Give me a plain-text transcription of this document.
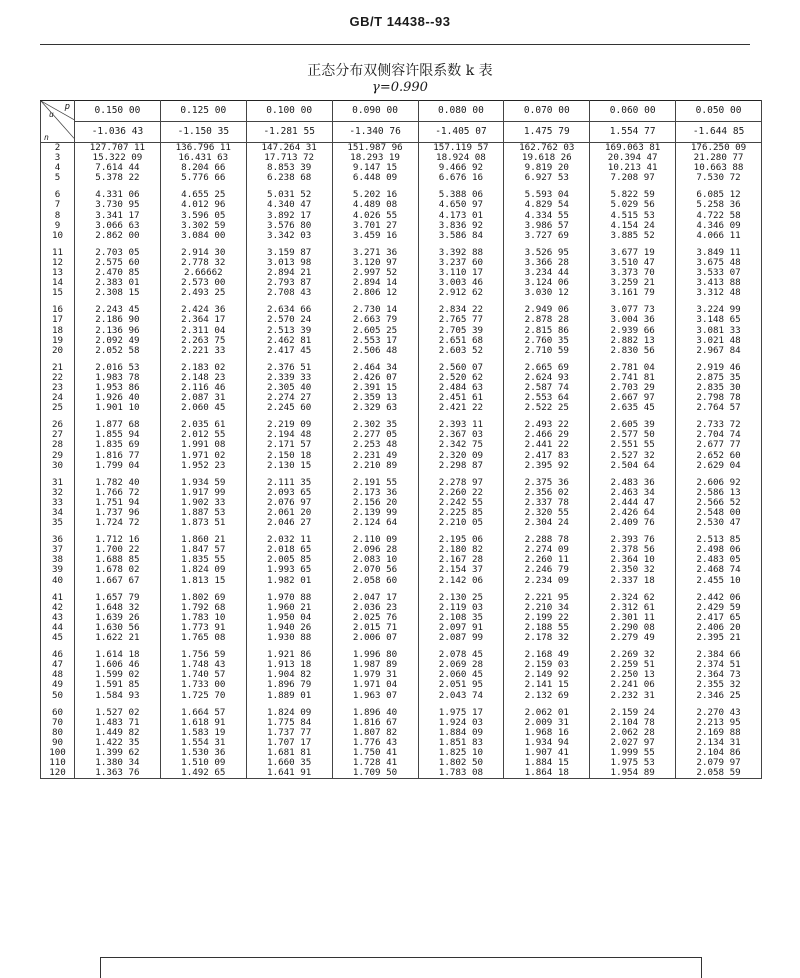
GB/T 14438--93
正态分布双侧容许限系数 k 表
γ=0.990
p
u
n	0.150 00	0.125 00	0.100 00	0.090 00	0.080 00	0.070 00	0.060 00	0.050 00
	-1.036 43	-1.150 35	-1.281 55	-1.340 76	-1.405 07	1.475 79	1.554 77	-1.644 85
2	127.707 11	136.796 11	147.264 31	151.987 96	157.119 57	162.762 03	169.063 81	176.250 09
3	15.322 09	16.431 63	17.713 72	18.293 19	18.924 08	19.618 26	20.394 47	21.280 77
4	7.614 44	8.204 66	8.853 39	9.147 15	9.466 92	9.819 20	10.213 41	10.663 88
5	5.378 22	5.776 66	6.238 68	6.448 09	6.676 16	6.927 53	7.208 97	7.530 72

6	4.331 06	4.655 25	5.031 52	5.202 16	5.388 06	5.593 04	5.822 59	6.085 12
7	3.730 95	4.012 96	4.340 47	4.489 08	4.650 97	4.829 54	5.029 56	5.258 36
8	3.341 17	3.596 05	3.892 17	4.026 55	4.173 01	4.334 55	4.515 53	4.722 58
9	3.066 63	3.302 59	3.576 80	3.701 27	3.836 92	3.986 57	4.154 24	4.346 09
10	2.862 00	3.084 00	3.342 03	3.459 16	3.586 84	3.727 69	3.885 52	4.066 11

11	2.703 05	2.914 30	3.159 87	3.271 36	3.392 88	3.526 95	3.677 19	3.849 11
12	2.575 60	2.778 32	3.013 98	3.120 97	3.237 60	3.366 28	3.510 47	3.675 48
13	2.470 85	2.66662	2.894 21	2.997 52	3.110 17	3.234 44	3.373 70	3.533 07
14	2.383 01	2.573 00	2.793 87	2.894 14	3.003 46	3.124 06	3.259 21	3.413 88
15	2.308 15	2.493 25	2.708 43	2.806 12	2.912 62	3.030 12	3.161 79	3.312 48

16	2.243 45	2.424 36	2.634 66	2.730 14	2.834 22	2.949 06	3.077 73	3.224 99
17	2.186 90	2.364 17	2.570 24	2.663 79	2.765 77	2.878 28	3.004 36	3.148 65
18	2.136 96	2.311 04	2.513 39	2.605 25	2.705 39	2.815 86	2.939 66	3.081 33
19	2.092 49	2.263 75	2.462 81	2.553 17	2.651 68	2.760 35	2.882 13	3.021 48
20	2.052 58	2.221 33	2.417 45	2.506 48	2.603 52	2.710 59	2.830 56	2.967 84

21	2.016 53	2.183 02	2.376 51	2.464 34	2.560 07	2.665 69	2.781 04	2.919 46
22	1.983 78	2.148 23	2.339 33	2.426 07	2.520 62	2.624 93	2.741 81	2.875 35
23	1.953 86	2.116 46	2.305 40	2.391 15	2.484 63	2.587 74	2.703 29	2.835 30
24	1.926 40	2.087 31	2.274 27	2.359 13	2.451 61	2.553 64	2.667 97	2.798 78
25	1.901 10	2.060 45	2.245 60	2.329 63	2.421 22	2.522 25	2.635 45	2.764 57

26	1.877 68	2.035 61	2.219 09	2.302 35	2.393 11	2.493 22	2.605 39	2.733 72
27	1.855 94	2.012 55	2.194 48	2.277 05	2.367 03	2.466 29	2.577 50	2.704 74
28	1.835 69	1.991 08	2.171 57	2.253 48	2.342 75	2.441 22	2.551 55	2.677 77
29	1.816 77	1.971 02	2.150 18	2.231 49	2.320 09	2.417 83	2.527 32	2.652 60
30	1.799 04	1.952 23	2.130 15	2.210 89	2.298 87	2.395 92	2.504 64	2.629 04

31	1.782 40	1.934 59	2.111 35	2.191 55	2.278 97	2.375 36	2.483 36	2.606 92
32	1.766 72	1.917 99	2.093 65	2.173 36	2.260 22	2.356 02	2.463 34	2.586 13
33	1.751 94	1.902 33	2.076 97	2.156 20	2.242 55	2.337 78	2.444 47	2.566 52
34	1.737 96	1.887 53	2.061 20	2.139 99	2.225 85	2.320 55	2.426 64	2.548 00
35	1.724 72	1.873 51	2.046 27	2.124 64	2.210 05	2.304 24	2.409 76	2.530 47

36	1.712 16	1.860 21	2.032 11	2.110 09	2.195 06	2.288 78	2.393 76	2.513 85
37	1.700 22	1.847 57	2.018 65	2.096 28	2.180 82	2.274 09	2.378 56	2.498 06
38	1.688 85	1.835 55	2.005 85	2.083 10	2.167 28	2.260 11	2.364 10	2.483 05
39	1.678 02	1.824 09	1.993 65	2.070 56	2.154 37	2.246 79	2.350 32	2.468 74
40	1.667 67	1.813 15	1.982 01	2.058 60	2.142 06	2.234 09	2.337 18	2.455 10

41	1.657 79	1.802 69	1.970 88	2.047 17	2.130 25	2.221 95	2.324 62	2.442 06
42	1.648 32	1.792 68	1.960 21	2.036 23	2.119 03	2.210 34	2.312 61	2.429 59
43	1.639 26	1.783 10	1.950 04	2.025 76	2.108 35	2.199 22	2.301 11	2.417 65
44	1.630 56	1.773 91	1.940 26	2.015 71	2.097 91	2.188 55	2.290 08	2.406 20
45	1.622 21	1.765 08	1.930 88	2.006 07	2.087 99	2.178 32	2.279 49	2.395 21

46	1.614 18	1.756 59	1.921 86	1.996 80	2.078 45	2.168 49	2.269 32	2.384 66
47	1.606 46	1.748 43	1.913 18	1.987 89	2.069 28	2.159 03	2.259 51	2.374 51
48	1.599 02	1.740 57	1.904 82	1.979 31	2.060 45	2.149 92	2.250 13	2.364 73
49	1.591 85	1.733 00	1.896 79	1.971 04	2.051 95	2.141 15	2.241 06	2.355 32
50	1.584 93	1.725 70	1.889 01	1.963 07	2.043 74	2.132 69	2.232 31	2.346 25

60	1.527 02	1.664 57	1.824 09	1.896 40	1.975 17	2.062 01	2.159 24	2.270 43
70	1.483 71	1.618 91	1.775 84	1.816 67	1.924 03	2.009 31	2.104 78	2.213 95
80	1.449 82	1.583 19	1.737 77	1.807 82	1.884 09	1.968 16	2.062 28	2.169 88
90	1.422 35	1.554 31	1.707 17	1.776 43	1.851 83	1.934 94	2.027 97	2.134 31
100	1.399 62	1.530 36	1.681 81	1.750 41	1.825 10	1.907 41	1.999 55	2.104 86
110	1.380 34	1.510 09	1.660 35	1.728 41	1.802 50	1.884 15	1.975 53	2.079 97
120	1.363 76	1.492 65	1.641 91	1.709 50	1.783 08	1.864 18	1.954 89	2.058 59
